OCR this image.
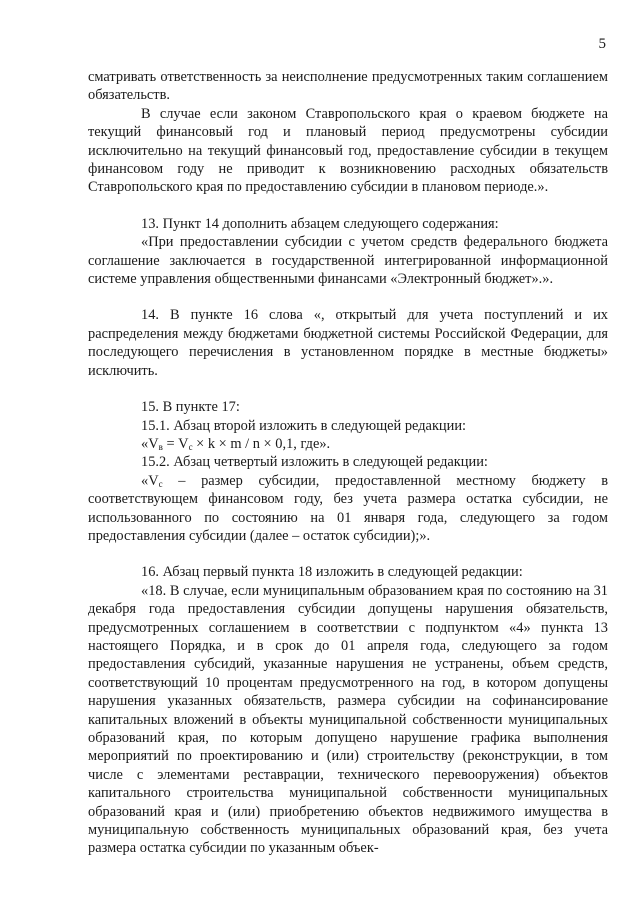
5

сматривать ответственность за неисполнение предусмотренных таким соглашением обязательств.

В случае если законом Ставропольского края о краевом бюджете на текущий финансовый год и плановый период предусмотрены субсидии исключительно на текущий финансовый год, предоставление субсидии в текущем финансовом году не приводит к возникновению расходных обязательств Ставропольского края по предоставлению субсидии в плановом периоде.».

13. Пункт 14 дополнить абзацем следующего содержания:

«При предоставлении субсидии с учетом средств федерального бюджета соглашение заключается в государственной интегрированной информационной системе управления общественными финансами «Электронный бюджет».».

14. В пункте 16 слова «, открытый для учета поступлений и их распределения между бюджетами бюджетной системы Российской Федерации, для последующего перечисления в установленном порядке в местные бюджеты» исключить.

15. В пункте 17:

15.1. Абзац второй изложить в следующей редакции:

«$V_в = V_с \times k \times m / n \times 0,1$, где».

15.2. Абзац четвертый изложить в следующей редакции:

«$V_с$ – размер субсидии, предоставленной местному бюджету в соответствующем финансовом году, без учета размера остатка субсидии, не использованного по состоянию на 01 января года, следующего за годом предоставления субсидии (далее – остаток субсидии);».

16. Абзац первый пункта 18 изложить в следующей редакции:

«18. В случае, если муниципальным образованием края по состоянию на 31 декабря года предоставления субсидии допущены нарушения обязательств, предусмотренных соглашением в соответствии с подпунктом «4» пункта 13 настоящего Порядка, и в срок до 01 апреля года, следующего за годом предоставления субсидий, указанные нарушения не устранены, объем средств, соответствующий 10 процентам предусмотренного на год, в котором допущены нарушения указанных обязательств, размера субсидии на софинансирование капитальных вложений в объекты муниципальной собственности муниципальных образований края, по которым допущено нарушение графика выполнения мероприятий по проектированию и (или) строительству (реконструкции, в том числе с элементами реставрации, технического перевооружения) объектов капитального строительства муниципальной собственности муниципальных образований края и (или) приобретению объектов недвижимого имущества в муниципальную собственность муниципальных образований края, без учета размера остатка субсидии по указанным объек-
